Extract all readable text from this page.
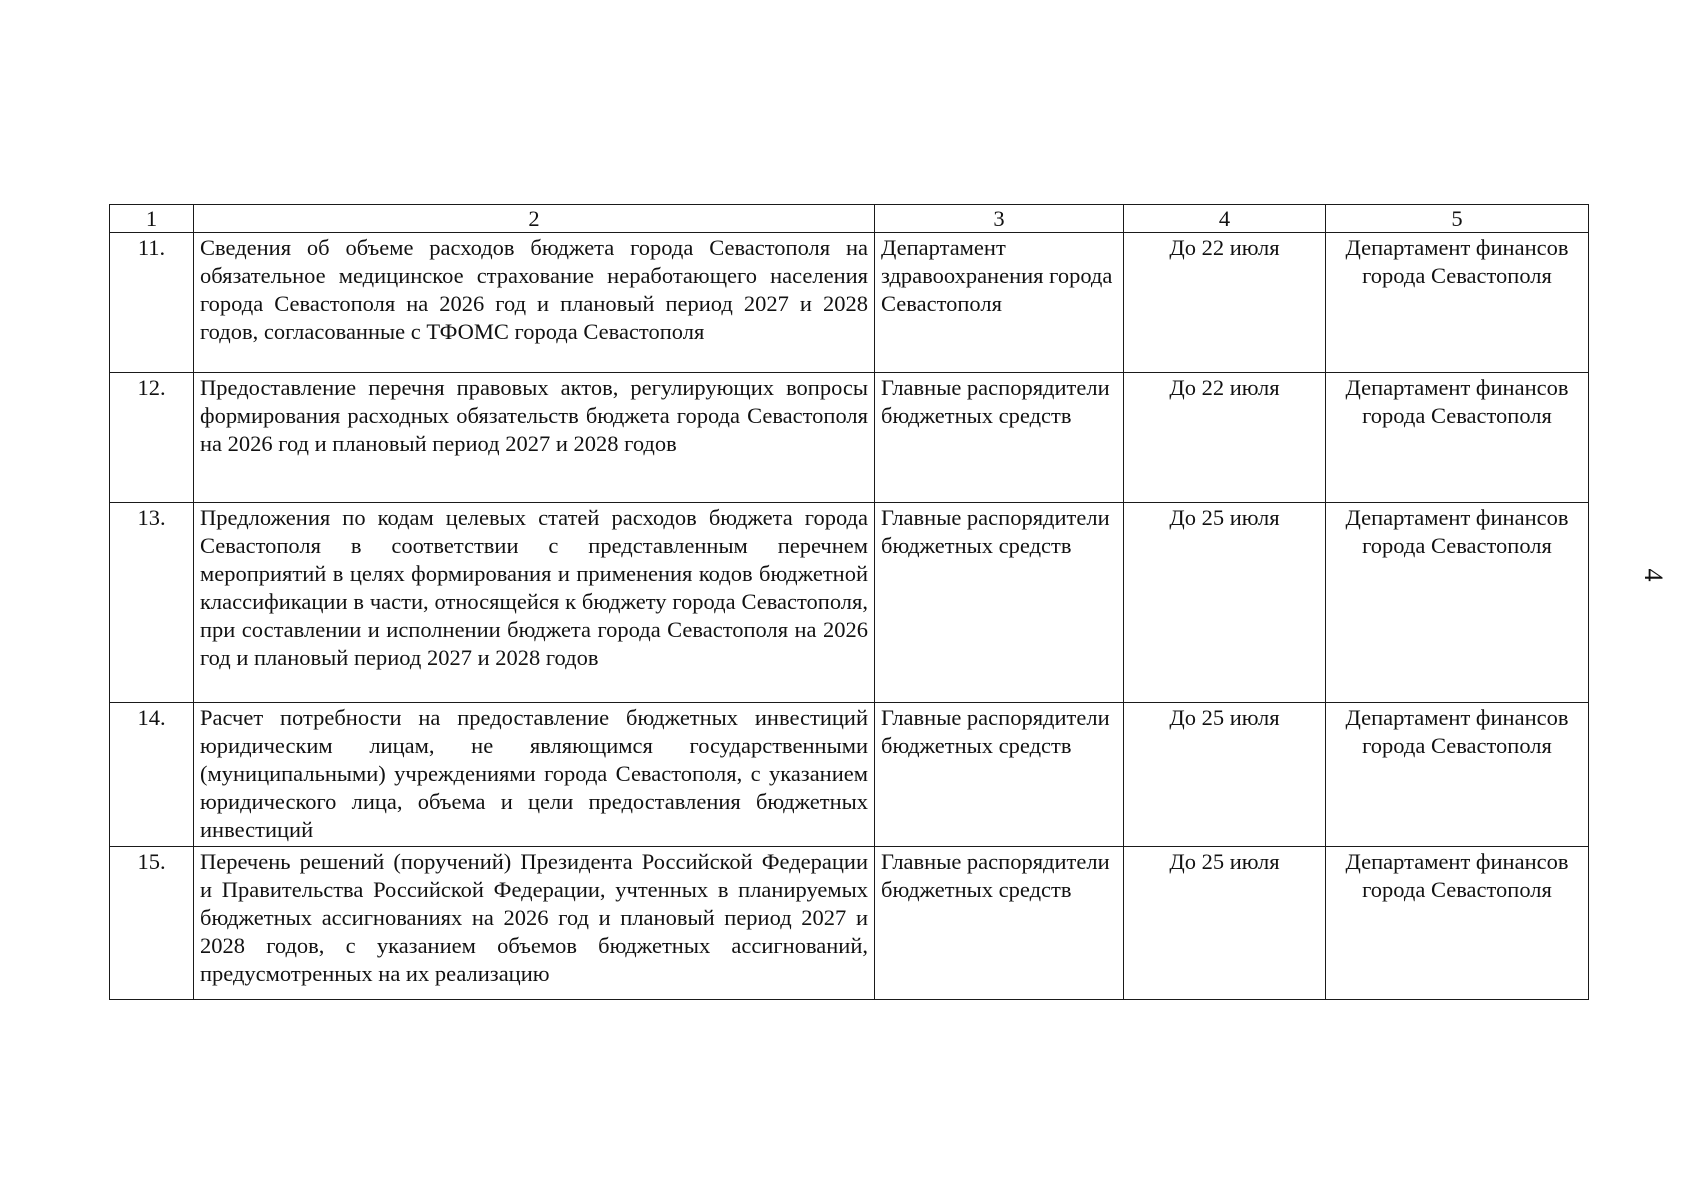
1	2	3	4	5
11.	Сведения об объеме расходов бюджета города Севастополя на обязательное медицинское страхование неработающего населения города Севастополя на 2026 год и плановый период 2027 и 2028 годов, согласованные с ТФОМС города Севастополя	Департамент здравоохранения города Севастополя	До 22 июля	Департамент финансов города Севастополя
12.	Предоставление перечня правовых актов, регулирующих вопросы формирования расходных обязательств бюджета города Севастополя на 2026 год и плановый период 2027 и 2028 годов	Главные распорядители бюджетных средств	До 22 июля	Департамент финансов города Севастополя
13.	Предложения по кодам целевых статей расходов бюджета города Севастополя в соответствии с представленным перечнем мероприятий в целях формирования и применения кодов бюджетной классификации в части, относящейся к бюджету города Севастополя, при составлении и исполнении бюджета города Севастополя на 2026 год и плановый период 2027 и 2028 годов	Главные распорядители бюджетных средств	До 25 июля	Департамент финансов города Севастополя
14.	Расчет потребности на предоставление бюджетных инвестиций юридическим лицам, не являющимся государственными (муниципальными) учреждениями города Севастополя, с указанием юридического лица, объема и цели предоставления бюджетных инвестиций	Главные распорядители бюджетных средств	До 25 июля	Департамент финансов города Севастополя
15.	Перечень решений (поручений) Президента Российской Федерации и Правительства Российской Федерации, учтенных в планируемых бюджетных ассигнованиях на 2026 год и плановый период 2027 и 2028 годов, с указанием объемов бюджетных ассигнований, предусмотренных на их реализацию	Главные распорядители бюджетных средств	До 25 июля	Департамент финансов города Севастополя
4
